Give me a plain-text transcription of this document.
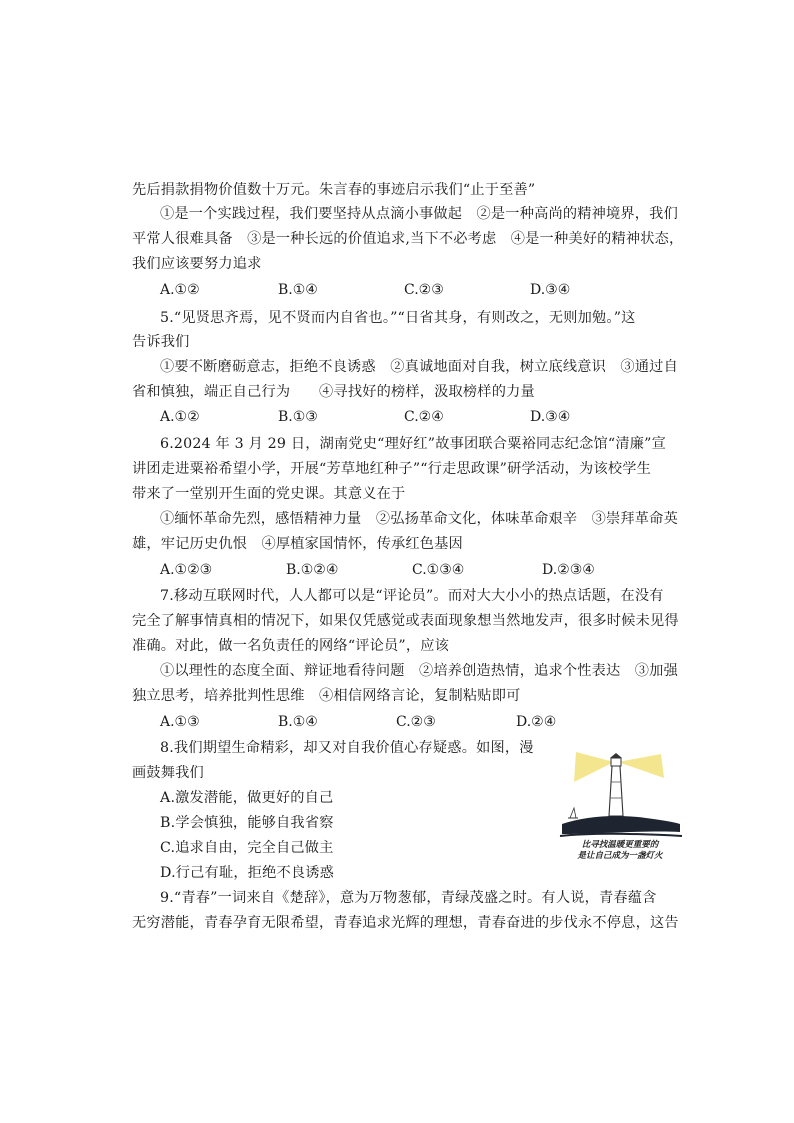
先后捐款捐物价值数十万元。朱言春的事迹启示我们“止于至善”
①是一个实践过程，我们要坚持从点滴小事做起　②是一种高尚的精神境界，我们
平常人很难具备　③是一种长远的价值追求,当下不必考虑　④是一种美好的精神状态，
我们应该要努力追求
A.①②	B.①④	C.②③	D.③④
5.“见贤思齐焉，见不贤而内自省也。”“日省其身，有则改之，无则加勉。”这
告诉我们
①要不断磨砺意志，拒绝不良诱惑　②真诚地面对自我，树立底线意识　③通过自
省和慎独，端正自己行为　　④寻找好的榜样，汲取榜样的力量
A.①②	B.①③	C.②④	D.③④
6.2024 年 3 月 29 日，湖南党史“理好红”故事团联合粟裕同志纪念馆“清廉”宣
讲团走进粟裕希望小学，开展“芳草地红种子”“行走思政课”研学活动，为该校学生
带来了一堂别开生面的党史课。其意义在于
①缅怀革命先烈，感悟精神力量　②弘扬革命文化，体味革命艰辛　③崇拜革命英
雄，牢记历史仇恨　④厚植家国情怀，传承红色基因
A.①②③	B.①②④	C.①③④	D.②③④
7.移动互联网时代，人人都可以是“评论员”。而对大大小小的热点话题，在没有
完全了解事情真相的情况下，如果仅凭感觉或表面现象想当然地发声，很多时候未见得
准确。对此，做一名负责任的网络“评论员”，应该
①以理性的态度全面、辩证地看待问题　②培养创造热情，追求个性表达　③加强
独立思考，培养批判性思维　④相信网络言论，复制粘贴即可
A.①③	B.①④	C.②③	D.②④
8.我们期望生命精彩，却又对自我价值心存疑惑。如图，漫
画鼓舞我们
A.激发潜能，做更好的自己
B.学会慎独，能够自我省察
C.追求自由，完全自己做主
D.行己有耻，拒绝不良诱惑
比寻找温暖更重要的
是让自己成为一盏灯火
9.“青春”一词来自《楚辞》，意为万物葱郁，青绿茂盛之时。有人说，青春蕴含
无穷潜能，青春孕育无限希望，青春追求光辉的理想，青春奋进的步伐永不停息，这告
